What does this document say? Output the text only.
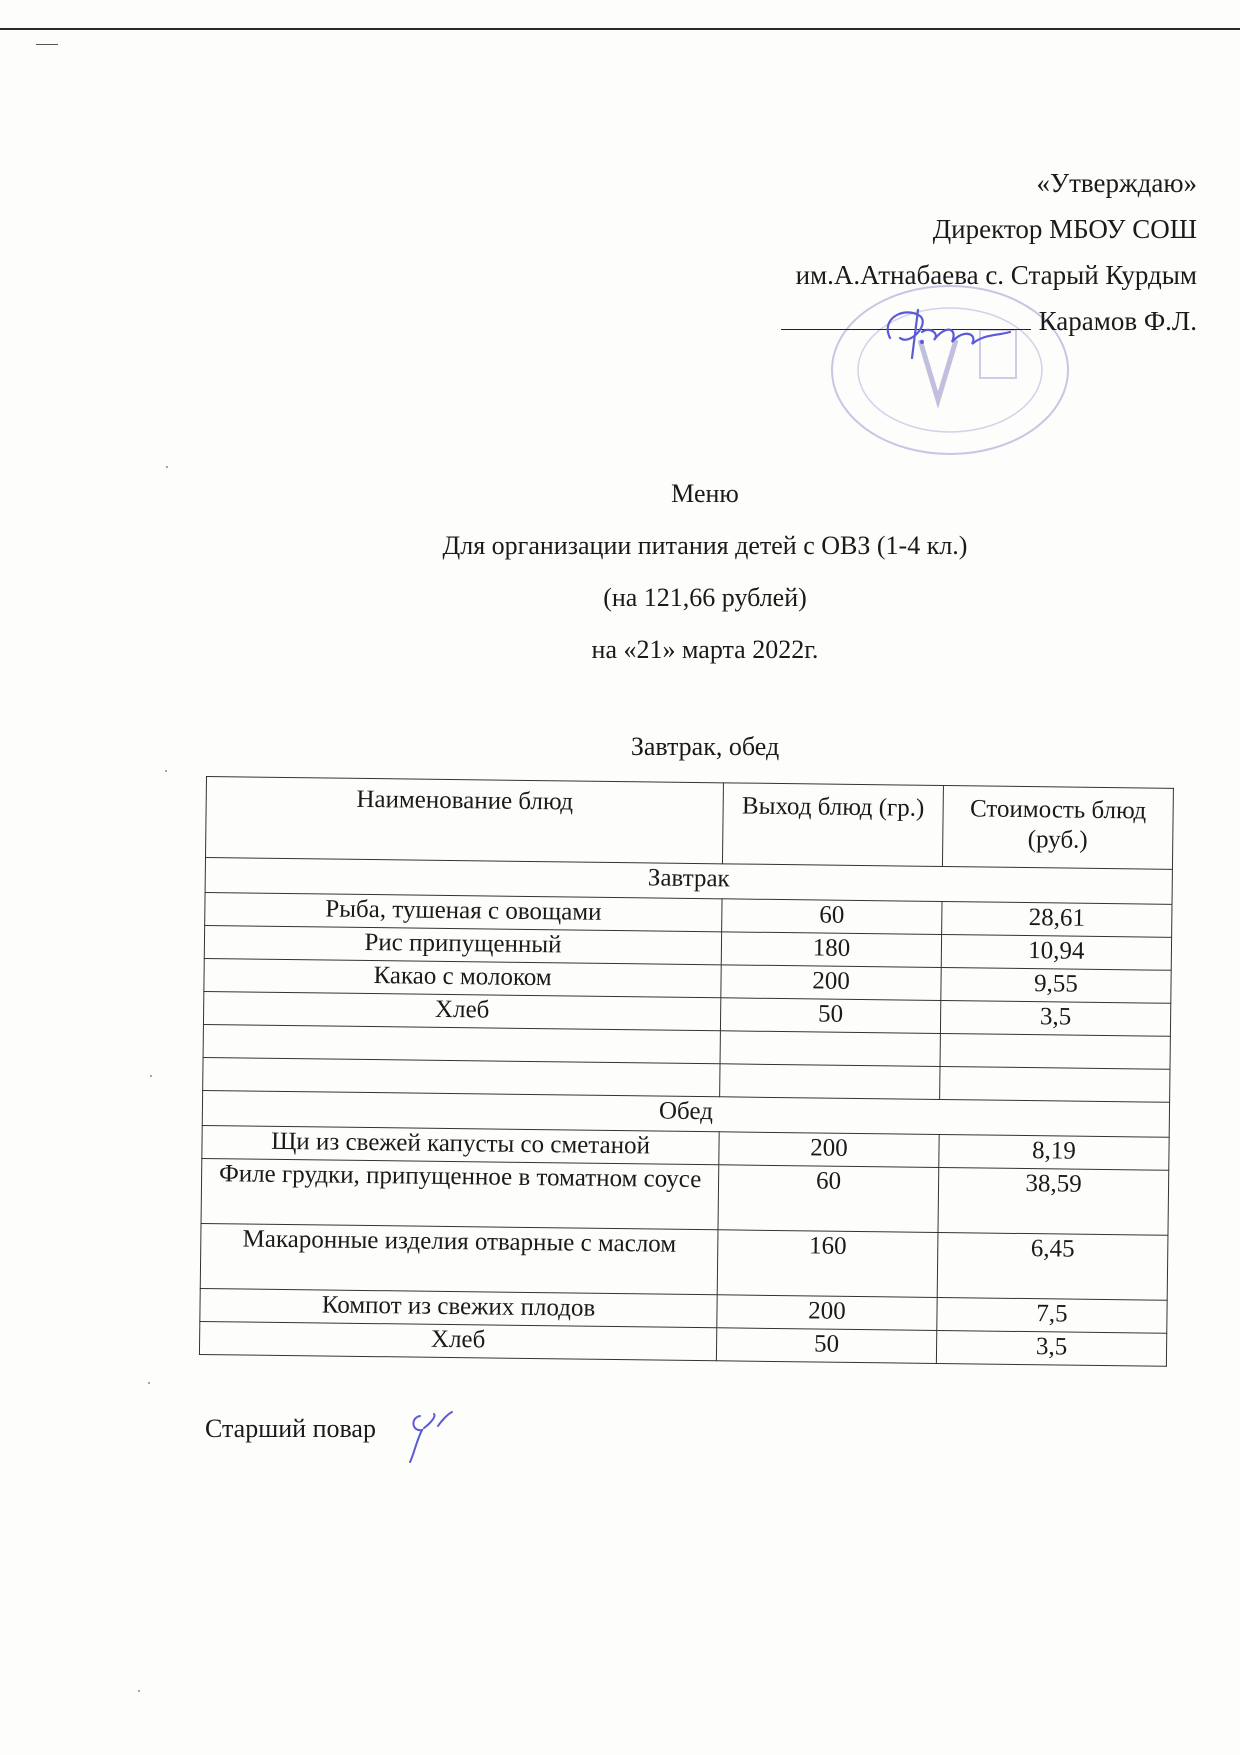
«Утверждаю»
Директор МБОУ СОШ
им.А.Атнабаева с. Старый Курдым
Карамов Ф.Л.
Меню
Для организации питания детей с ОВЗ (1-4 кл.)
(на 121,66 рублей)
на «21» марта 2022г.
Завтрак, обед
Наименование блюд	Выход блюд (гр.)	Стоимость блюд (руб.)
Завтрак		
Рыба, тушеная с овощами	60	28,61
Рис припущенный	180	10,94
Какао с молоком	200	9,55
Хлеб	50	3,5

Обед		
Щи из свежей капусты со сметаной	200	8,19
Филе грудки, припущенное в томатном соусе	60	38,59
Макаронные изделия отварные с маслом	160	6,45
Компот из свежих плодов	200	7,5
Хлеб	50	3,5
Старший повар
